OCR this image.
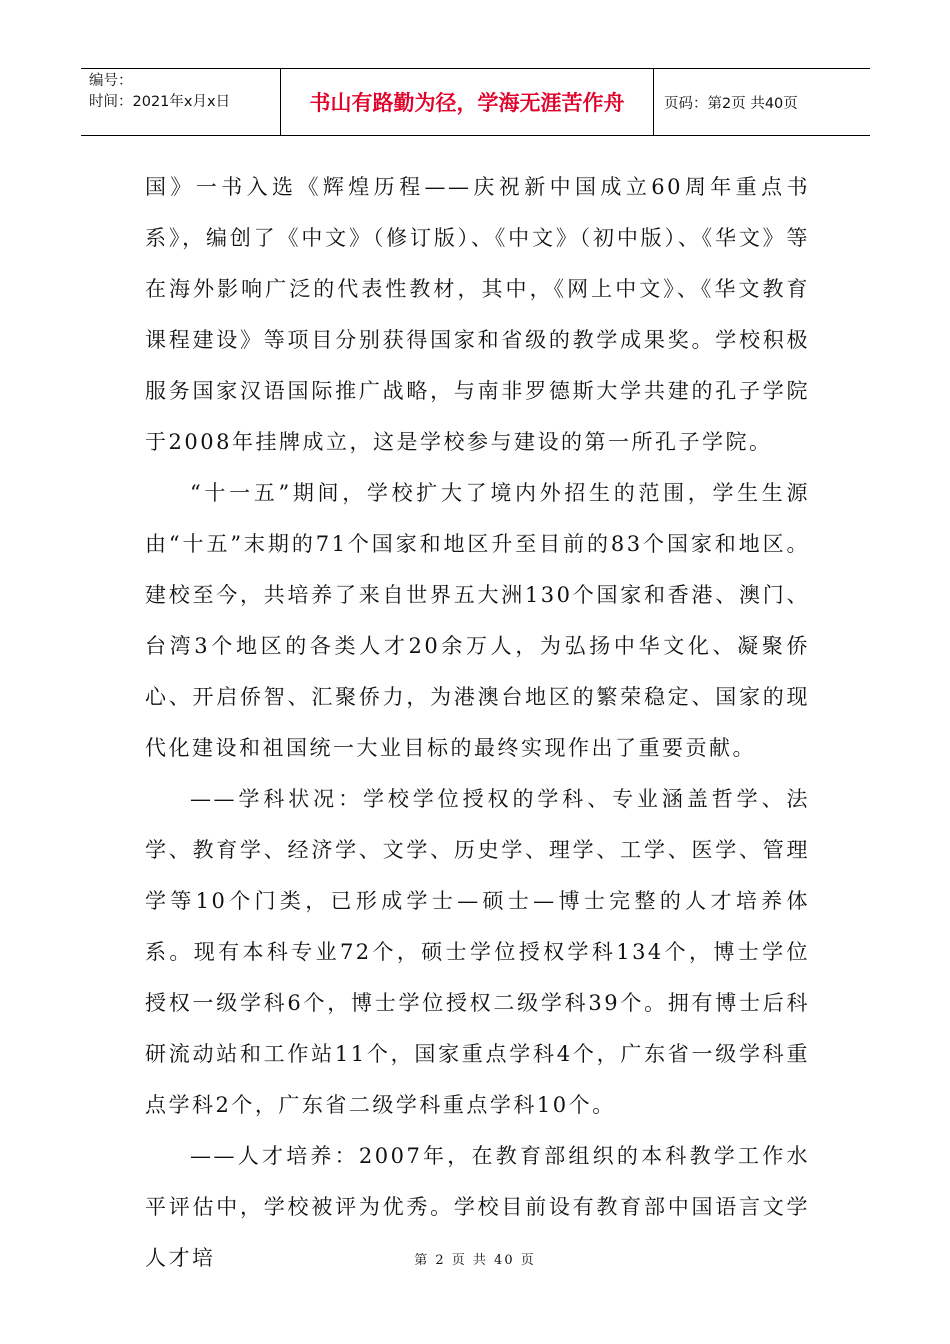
编号：
时间：2021年x月x日	书山有路勤为径，学海无涯苦作舟	页码：第2页 共40页

国》一书入选《辉煌历程——庆祝新中国成立60周年重点书系》，编创了《中文》（修订版）、《中文》（初中版）、《华文》等在海外影响广泛的代表性教材，其中，《网上中文》、《华文教育课程建设》等项目分别获得国家和省级的教学成果奖。学校积极服务国家汉语国际推广战略，与南非罗德斯大学共建的孔子学院于2008年挂牌成立，这是学校参与建设的第一所孔子学院。

“十一五”期间，学校扩大了境内外招生的范围，学生生源由“十五”末期的71个国家和地区升至目前的83个国家和地区。建校至今，共培养了来自世界五大洲130个国家和香港、澳门、台湾3个地区的各类人才20余万人，为弘扬中华文化、凝聚侨心、开启侨智、汇聚侨力，为港澳台地区的繁荣稳定、国家的现代化建设和祖国统一大业目标的最终实现作出了重要贡献。

——学科状况：学校学位授权的学科、专业涵盖哲学、法学、教育学、经济学、文学、历史学、理学、工学、医学、管理学等10个门类，已形成学士—硕士—博士完整的人才培养体系。现有本科专业72个，硕士学位授权学科134个，博士学位授权一级学科6个，博士学位授权二级学科39个。拥有博士后科研流动站和工作站11个，国家重点学科4个，广东省一级学科重点学科2个，广东省二级学科重点学科10个。

——人才培养：2007年，在教育部组织的本科教学工作水平评估中，学校被评为优秀。学校目前设有教育部中国语言文学人才培	第 2 页 共 40 页
